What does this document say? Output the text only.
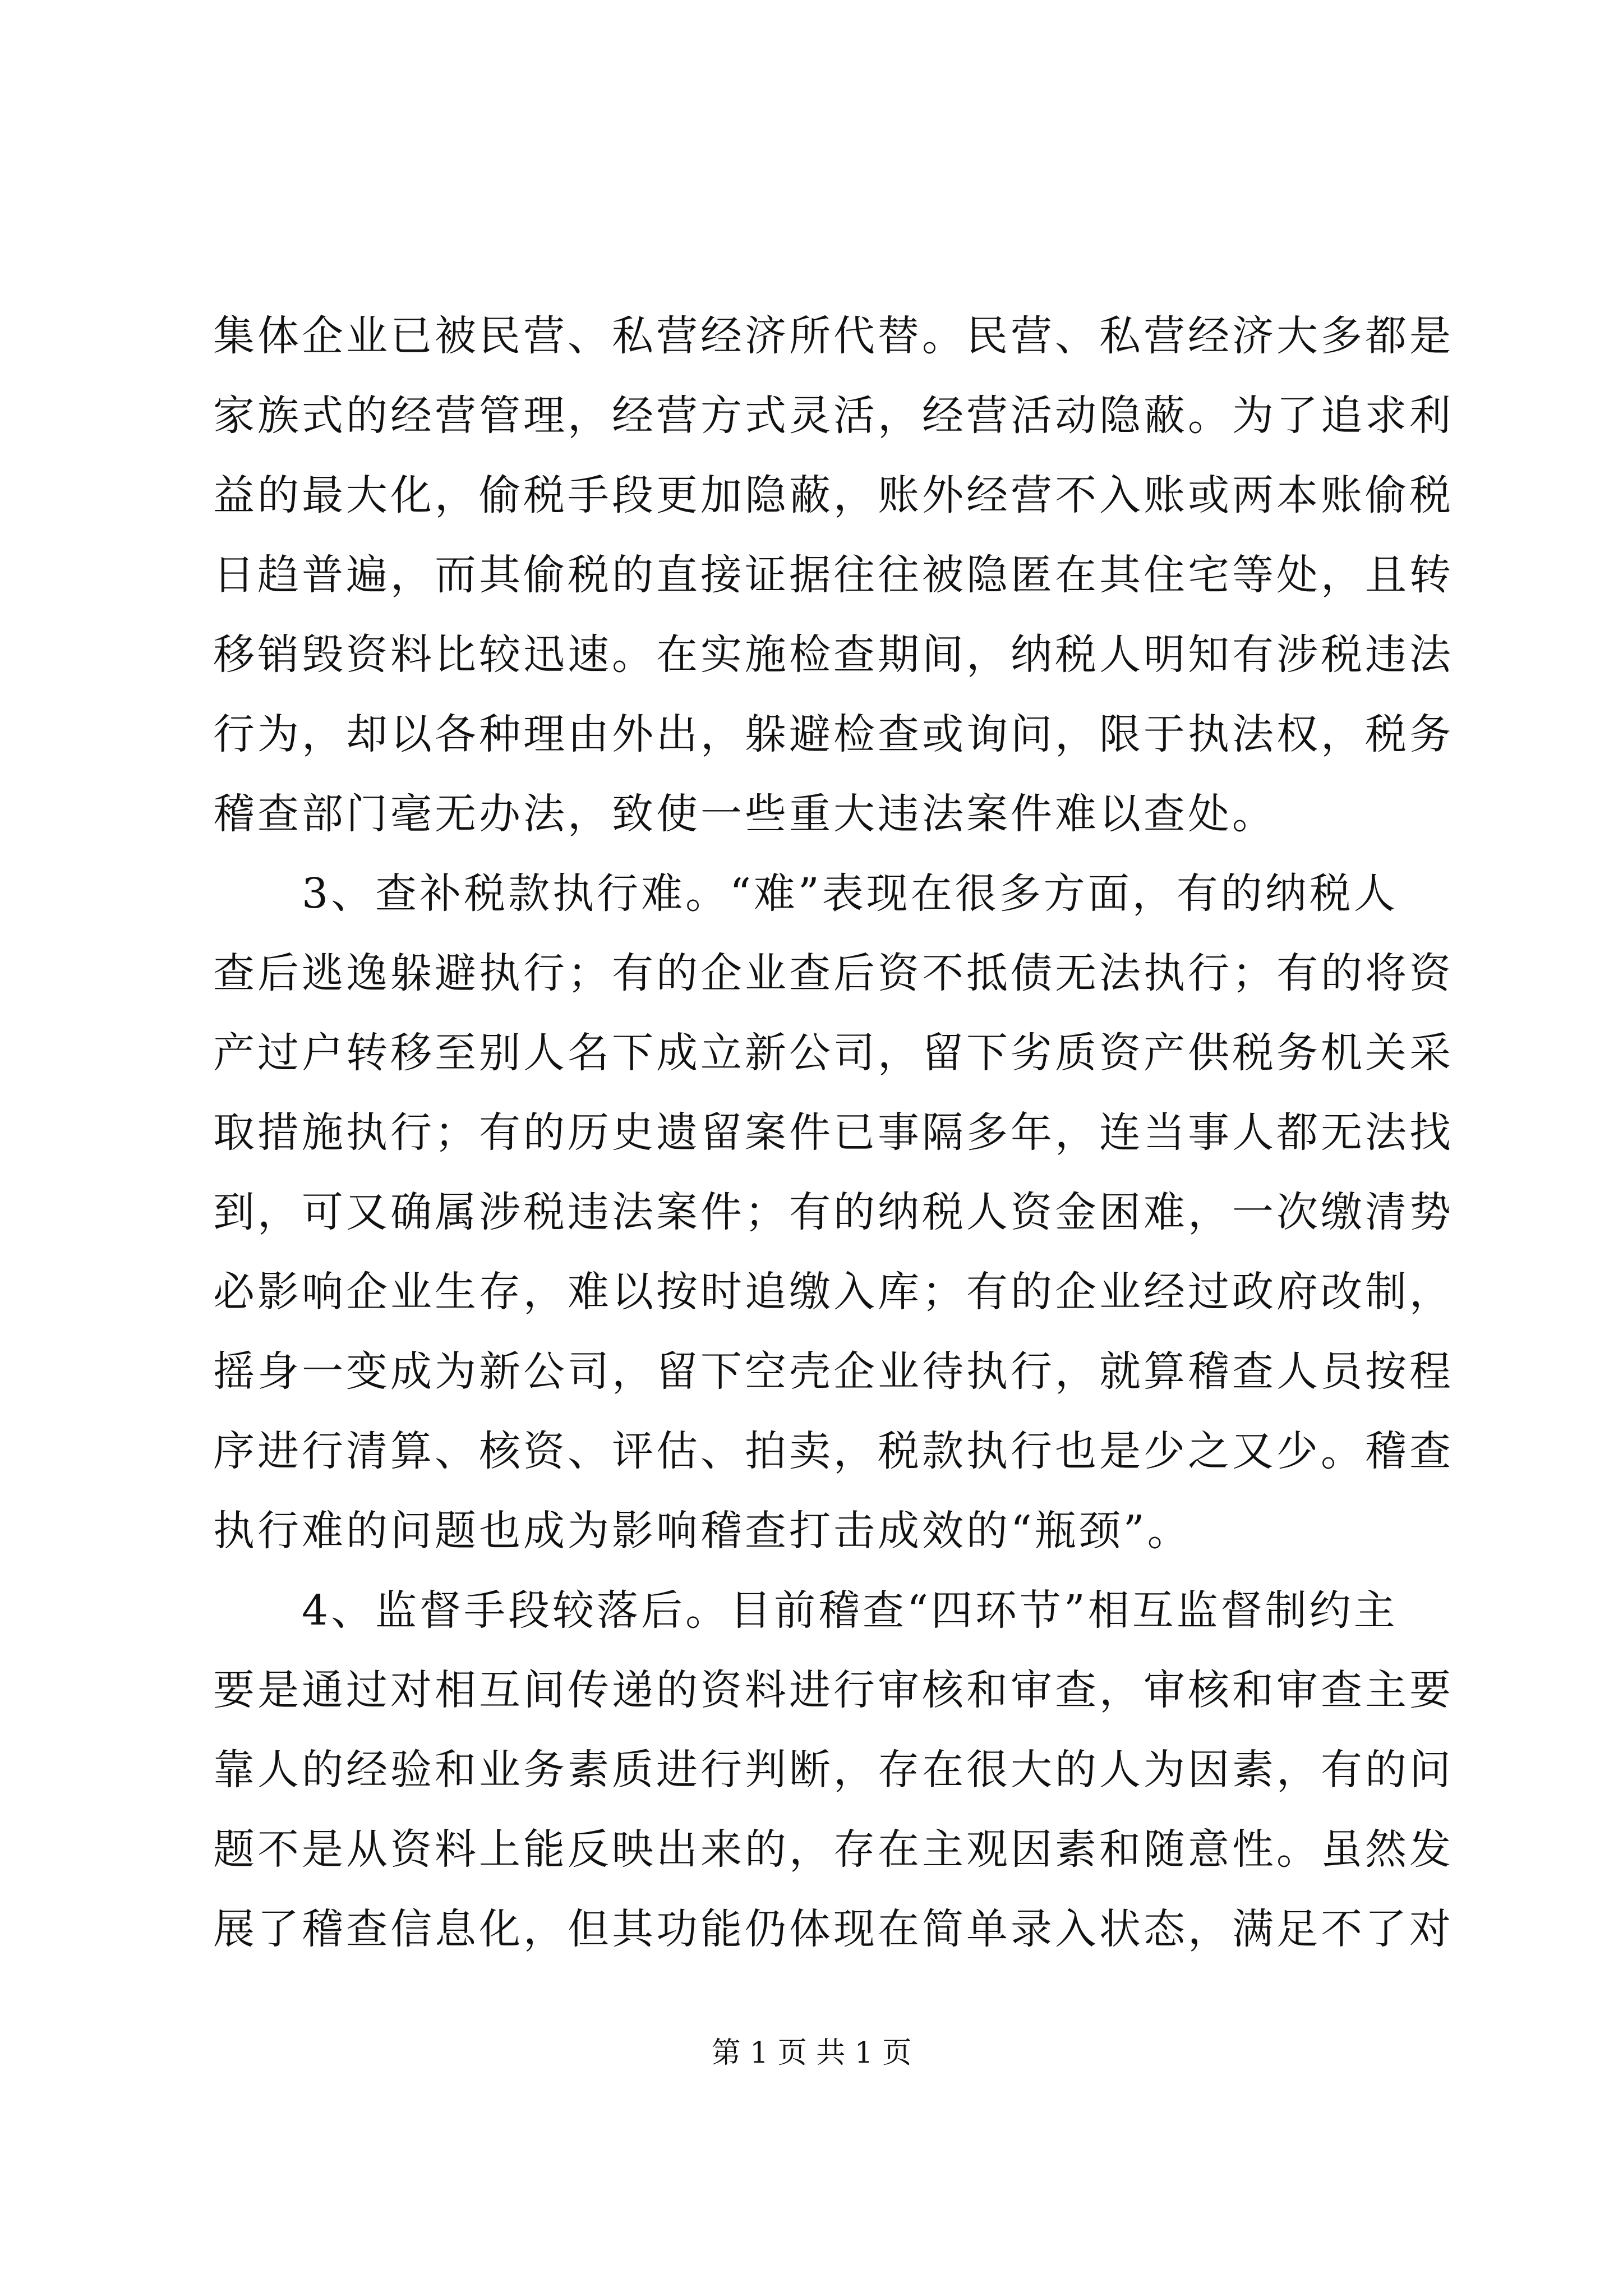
集体企业已被民营、私营经济所代替。民营、私营经济大多都是
家族式的经营管理，经营方式灵活，经营活动隐蔽。为了追求利
益的最大化，偷税手段更加隐蔽，账外经营不入账或两本账偷税
日趋普遍，而其偷税的直接证据往往被隐匿在其住宅等处，且转
移销毁资料比较迅速。在实施检查期间，纳税人明知有涉税违法
行为，却以各种理由外出，躲避检查或询问，限于执法权，税务
稽查部门毫无办法，致使一些重大违法案件难以查处。
　　3、查补税款执行难。“难”表现在很多方面，有的纳税人
查后逃逸躲避执行；有的企业查后资不抵债无法执行；有的将资
产过户转移至别人名下成立新公司，留下劣质资产供税务机关采
取措施执行；有的历史遗留案件已事隔多年，连当事人都无法找
到，可又确属涉税违法案件；有的纳税人资金困难，一次缴清势
必影响企业生存，难以按时追缴入库；有的企业经过政府改制，
摇身一变成为新公司，留下空壳企业待执行，就算稽查人员按程
序进行清算、核资、评估、拍卖，税款执行也是少之又少。稽查
执行难的问题也成为影响稽查打击成效的“瓶颈”。
　　4、监督手段较落后。目前稽查“四环节”相互监督制约主
要是通过对相互间传递的资料进行审核和审查，审核和审查主要
靠人的经验和业务素质进行判断，存在很大的人为因素，有的问
题不是从资料上能反映出来的，存在主观因素和随意性。虽然发
展了稽查信息化，但其功能仍体现在简单录入状态，满足不了对
第 1 页 共 1 页
